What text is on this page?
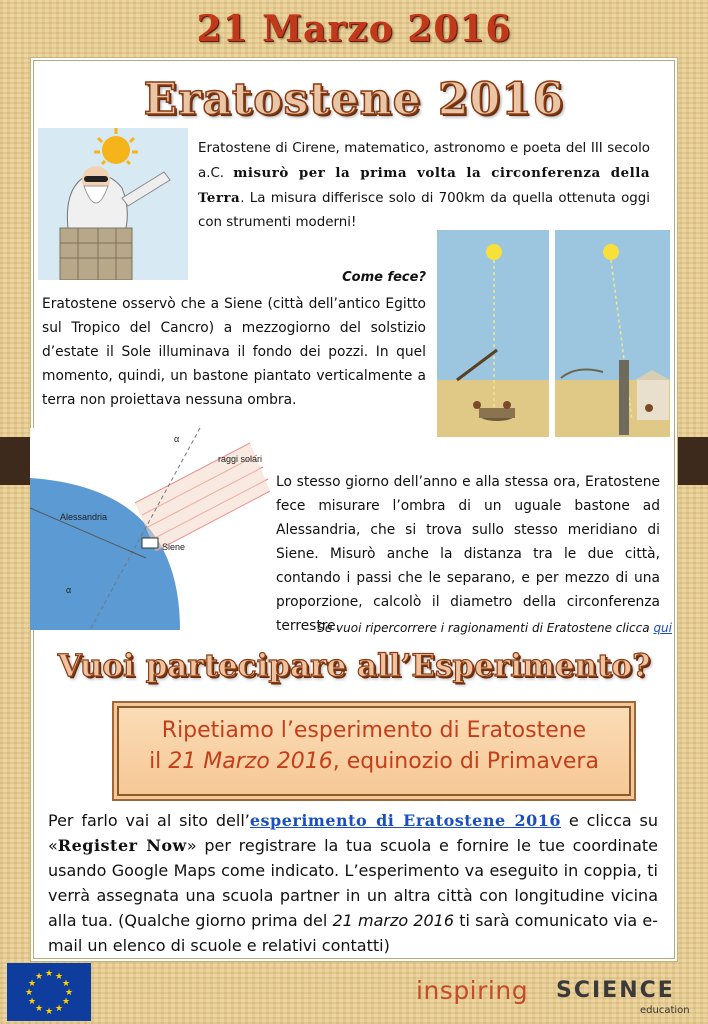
21 Marzo 2016
Eratostene 2016
Eratostene di Cirene, matematico, astronomo e poeta del III secolo a.C. misurò per la prima volta la circonferenza della Terra. La misura differisce solo di 700km da quella ottenuta oggi con strumenti moderni!
Come fece?
Eratostene osservò che a Siene (città dell’antico Egitto sul Tropico del Cancro) a mezzogiorno del solstizio d’estate il Sole illuminava il fondo dei pozzi. In quel momento, quindi, un bastone piantato verticalmente a terra non proiettava nessuna ombra.
raggi solari
Alessandria
Siene
α
α
Lo stesso giorno dell’anno e alla stessa ora, Eratostene fece misurare l’ombra di un uguale bastone ad Alessandria, che si trova sullo stesso meridiano di Siene. Misurò anche la distanza tra le due città, contando i passi che le separano, e per mezzo di una proporzione, calcolò il diametro della circonferenza terrestre.
Se vuoi ripercorrere i ragionamenti di Eratostene clicca qui
Vuoi partecipare all’Esperimento?
Ripetiamo l’esperimento di Eratostene
il 21 Marzo 2016, equinozio di Primavera
Per farlo vai al sito dell’esperimento di Eratostene 2016 e clicca su «Register Now» per registrare la tua scuola e fornire le tue coordinate usando Google Maps come indicato. L’esperimento va eseguito in coppia, ti verrà assegnata una scuola partner in un altra città con longitudine vicina alla tua. (Qualche giorno prima del 21 marzo 2016 ti sarà comunicato via e-mail un elenco di scuole e relativi contatti)
★ ★
★
★
★
★
★
★
★
★
★
★	inspiring SCIENCE
education
